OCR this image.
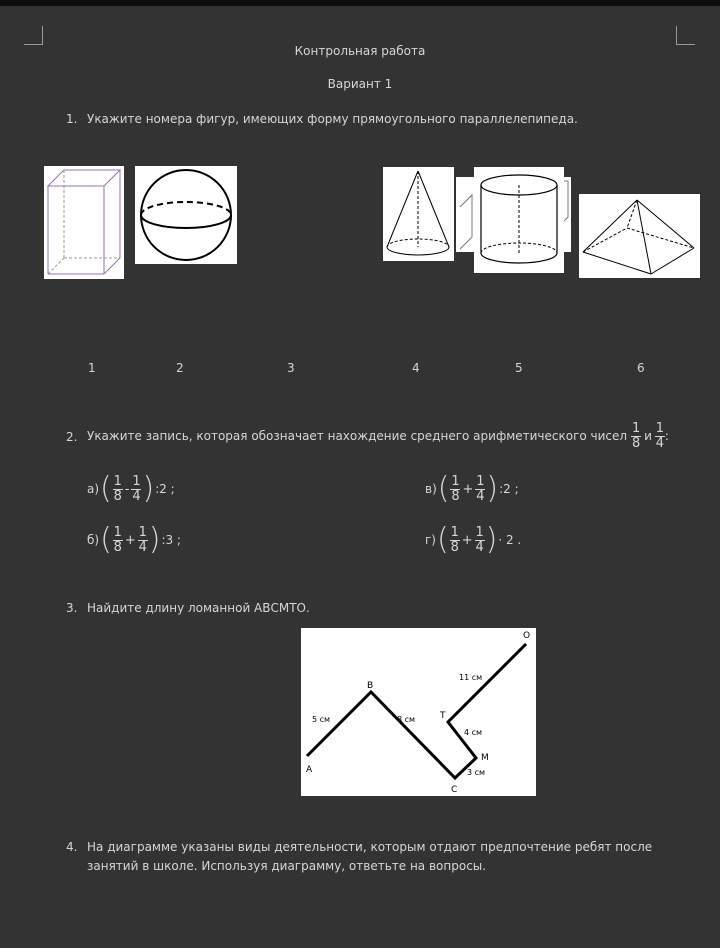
Контрольная работа
Вариант 1
1. Укажите номера фигур, имеющих форму прямоугольного параллелепипеда.
1	2	3	4	5	6
2. Укажите запись, которая обозначает нахождение среднего арифметического чисел $\frac{1}{8}$ и $\frac{1}{4}$ :
а) ( $\frac{1}{8} - \frac{1}{4}$ ) :2 ;	в) ( $\frac{1}{8} + \frac{1}{4}$ ) :2 ;
б) ( $\frac{1}{8} + \frac{1}{4}$ ) :3 ;	г) ( $\frac{1}{8} + \frac{1}{4}$ ) · 2 .
3. Найдите длину ломанной АВСМТО.
A
B
C
M
T
O
5 см	8 см
3 см
4 см
11 см
4. На диаграмме указаны виды деятельности, которым отдают предпочтение ребят после
занятий в школе. Используя диаграмму, ответьте на вопросы.
